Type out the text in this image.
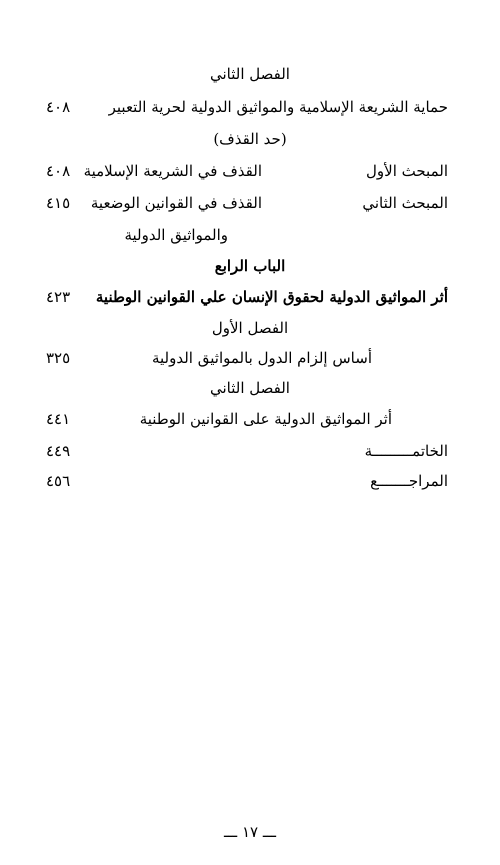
الفصل الثاني
حماية الشريعة الإسلامية والمواثيق الدولية لحرية التعبير
٤٠٨
(حد القذف)
المبحث الأول
القذف في الشريعة الإسلامية
٤٠٨
المبحث الثاني
القذف في القوانين الوضعية
٤١٥
والمواثيق الدولية
الباب الرابع
أثر المواثيق الدولية لحقوق الإنسان علي القوانين الوطنية
٤٢٣
الفصل الأول
أساس إلزام الدول بالمواثيق الدولية
٣٢٥
الفصل الثاني
أثر المواثيق الدولية على القوانين الوطنية
٤٤١
الخاتمـــــــــة
٤٤٩
المراجـــــــع
٤٥٦
ـــ ١٧ ـــ
